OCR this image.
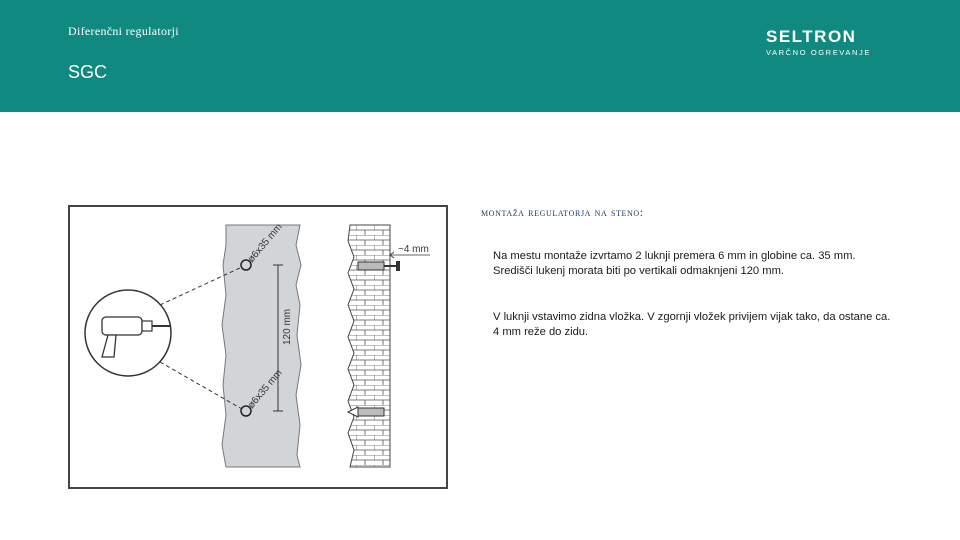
Diferenčni regulatorji
SGC
SELTRON
VARČNO OGREVANJE
ø6x35 mm
ø6x35 mm
120 mm
~4 mm
montaža regulatorja na steno:

Na mestu montaže izvrtamo 2 luknji premera 6 mm in globine ca. 35 mm. Središči lukenj morata biti po vertikali odmaknjeni 120 mm.

V luknji vstavimo zidna vložka. V zgornji vložek privijem vijak tako, da ostane ca. 4 mm reže do zidu.
